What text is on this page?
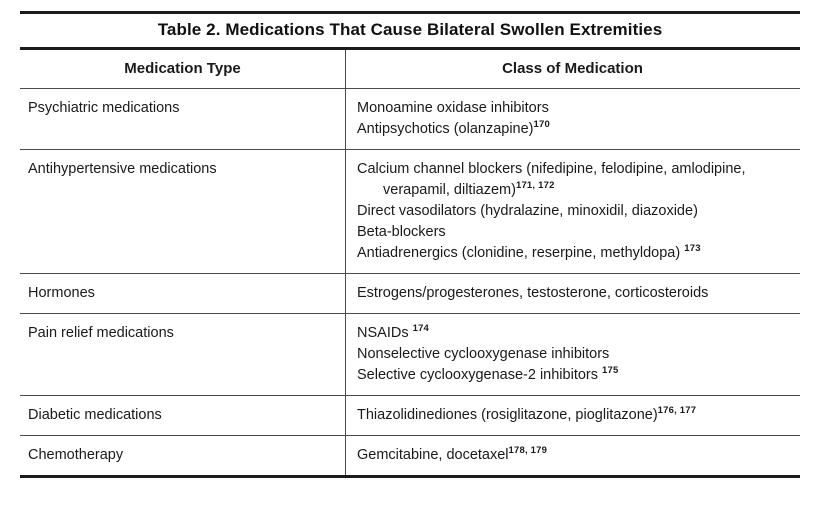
Table 2. Medications That Cause Bilateral Swollen Extremities
Medication Type	Class of Medication
Psychiatric medications	Monoamine oxidase inhibitors
Antipsychotics (olanzapine)$^{170}$
Antihypertensive medications	Calcium channel blockers (nifedipine, felodipine, amlodipine,
verapamil, diltiazem)$^{171, 172}$
Direct vasodilators (hydralazine, minoxidil, diazoxide)
Beta-blockers
Antiadrenergics (clonidine, reserpine, methyldopa) $^{173}$
Hormones	Estrogens/progesterones, testosterone, corticosteroids
Pain relief medications	NSAIDs $^{174}$
Nonselective cyclooxygenase inhibitors
Selective cyclooxygenase-2 inhibitors $^{175}$
Diabetic medications	Thiazolidinediones (rosiglitazone, pioglitazone)$^{176, 177}$
Chemotherapy	Gemcitabine, docetaxel$^{178, 179}$
